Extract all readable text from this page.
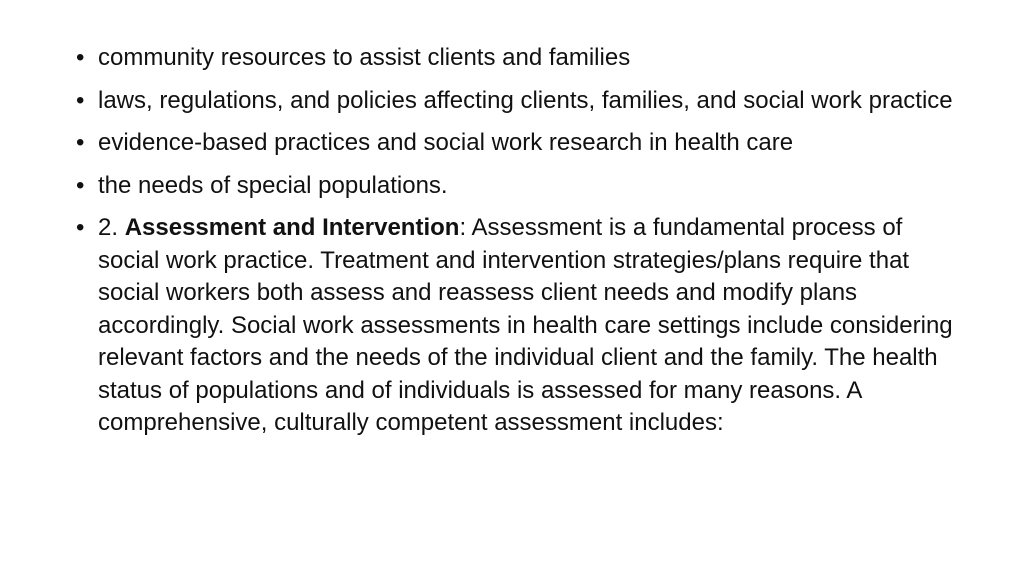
• community resources to assist clients and families
• laws, regulations, and policies affecting clients, families, and social work practice
• evidence-based practices and social work research in health care
• the needs of special populations.
• 2. Assessment and Intervention: Assessment is a fundamental process of social work practice. Treatment and intervention strategies/plans require that social workers both assess and reassess client needs and modify plans accordingly. Social work assessments in health care settings include considering relevant factors and the needs of the individual client and the family. The health status of populations and of individuals is assessed for many reasons. A comprehensive, culturally competent assessment includes:
